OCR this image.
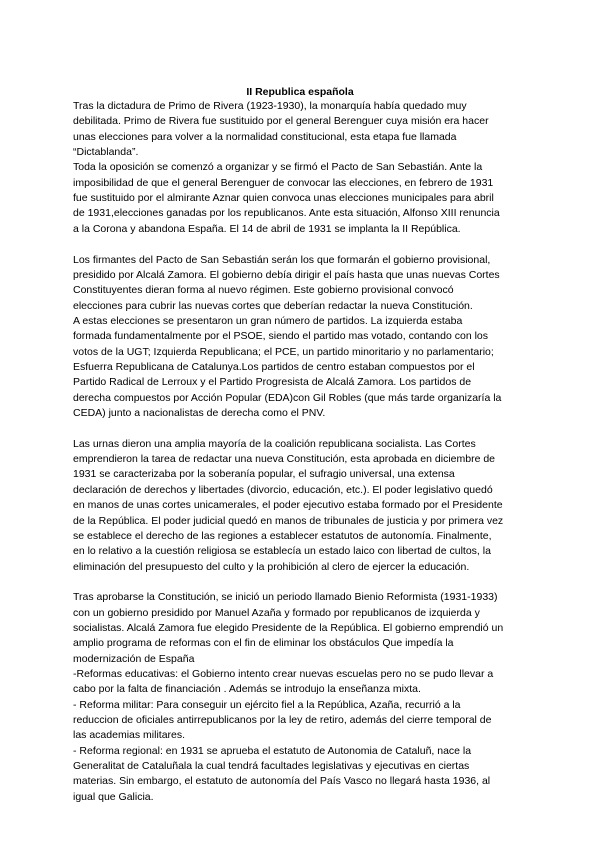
II Republica española
Tras la dictadura de Primo de Rivera (1923-1930), la monarquía había quedado muy
debilitada. Primo de Rivera fue sustituido por el general Berenguer cuya misión era hacer
unas elecciones para volver a la normalidad constitucional, esta etapa fue llamada
“Dictablanda”.
Toda la oposición se comenzó a organizar y se firmó el Pacto de San Sebastián. Ante la
imposibilidad de que el general Berenguer de convocar las elecciones, en febrero de 1931
fue sustituido por el almirante Aznar quien convoca unas elecciones municipales para abril
de 1931,elecciones ganadas por los republicanos. Ante esta situación, Alfonso XIII renuncia
a la Corona y abandona España. El 14 de abril de 1931 se implanta la II República.
Los firmantes del Pacto de San Sebastián serán los que formarán el gobierno provisional,
presidido por Alcalá Zamora. El gobierno debía dirigir el país hasta que unas nuevas Cortes
Constituyentes dieran forma al nuevo régimen. Este gobierno provisional convocó
elecciones para cubrir las nuevas cortes que deberían redactar la nueva Constitución.
A estas elecciones se presentaron un gran número de partidos. La izquierda estaba
formada fundamentalmente por el PSOE, siendo el partido mas votado, contando con los
votos de la UGT; Izquierda Republicana; el PCE, un partido minoritario y no parlamentario;
Esfuerra Republicana de Catalunya.Los partidos de centro estaban compuestos por el
Partido Radical de Lerroux y el Partido Progresista de Alcalá Zamora. Los partidos de
derecha compuestos por Acción Popular (EDA)con Gil Robles (que más tarde organizaría la
CEDA) junto a nacionalistas de derecha como el PNV.
Las urnas dieron una amplia mayoría de la coalición republicana socialista. Las Cortes
emprendieron la tarea de redactar una nueva Constitución, esta aprobada en diciembre de
1931 se caracterizaba por la soberanía popular, el sufragio universal, una extensa
declaración de derechos y libertades (divorcio, educación, etc.). El poder legislativo quedó
en manos de unas cortes unicamerales, el poder ejecutivo estaba formado por el Presidente
de la República. El poder judicial quedó en manos de tribunales de justicia y por primera vez
se establece el derecho de las regiones a establecer estatutos de autonomía. Finalmente,
en lo relativo a la cuestión religiosa se establecía un estado laico con libertad de cultos, la
eliminación del presupuesto del culto y la prohibición al clero de ejercer la educación.
Tras aprobarse la Constitución, se inició un periodo llamado Bienio Reformista (1931-1933)
con un gobierno presidido por Manuel Azaña y formado por republicanos de izquierda y
socialistas. Alcalá Zamora fue elegido Presidente de la República. El gobierno emprendió un
amplio programa de reformas con el fin de eliminar los obstáculos Que impedía la
modernización de España
-Reformas educativas: el Gobierno intento crear nuevas escuelas pero no se pudo llevar a
cabo por la falta de financiación . Además se introdujo la enseñanza mixta.
- Reforma militar: Para conseguir un ejército fiel a la República, Azaña, recurrió a la
reduccion de oficiales antirrepublicanos por la ley de retiro, además del cierre temporal de
las academias militares.
- Reforma regional: en 1931 se aprueba el estatuto de Autonomia de Cataluñ, nace la
Generalitat de Cataluñala la cual tendrá facultades legislativas y ejecutivas en ciertas
materias. Sin embargo, el estatuto de autonomía del País Vasco no llegará hasta 1936, al
igual que Galicia.
